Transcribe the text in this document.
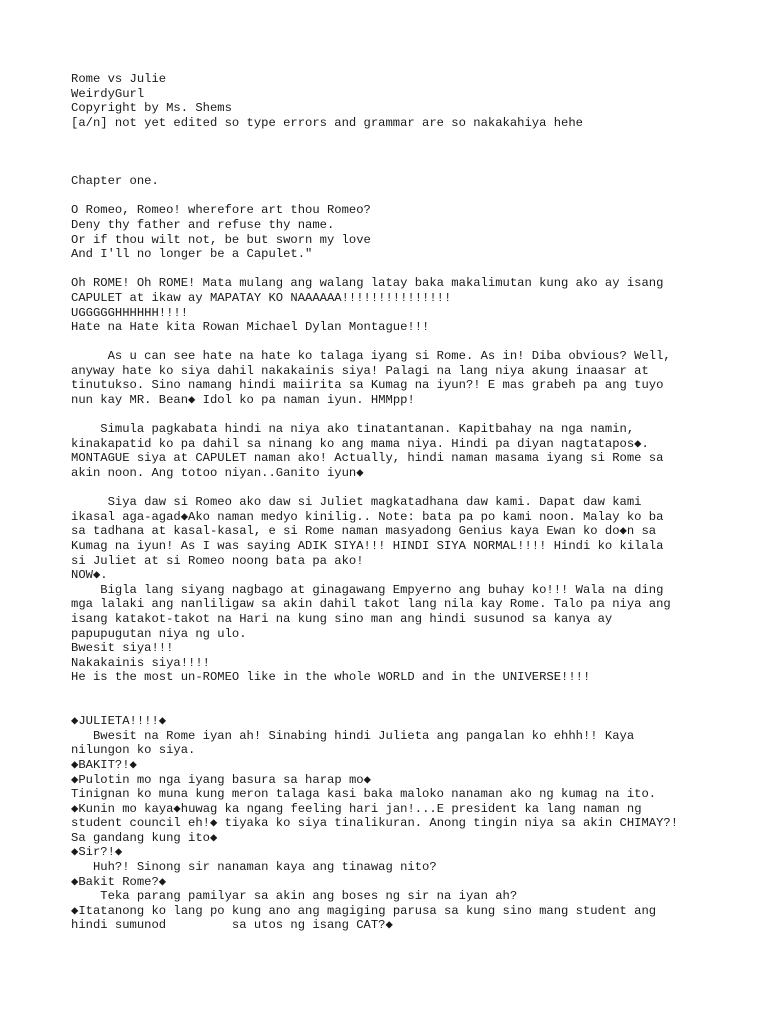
Rome vs Julie
WeirdyGurl
Copyright by Ms. Shems
[a/n] not yet edited so type errors and grammar are so nakakahiya hehe
Chapter one.
O Romeo, Romeo! wherefore art thou Romeo?
Deny thy father and refuse thy name.
Or if thou wilt not, be but sworn my love
And I'll no longer be a Capulet."
Oh ROME! Oh ROME! Mata mulang ang walang latay baka makalimutan kung ako ay isang
CAPULET at ikaw ay MAPATAY KO NAAAAAA!!!!!!!!!!!!!!!
UGGGGGHHHHHH!!!!
Hate na Hate kita Rowan Michael Dylan Montague!!!
As u can see hate na hate ko talaga iyang si Rome. As in! Diba obvious? Well,
anyway hate ko siya dahil nakakainis siya! Palagi na lang niya akung inaasar at
tinutukso. Sino namang hindi maiirita sa Kumag na iyun?! E mas grabeh pa ang tuyo
nun kay MR. Bean◆ Idol ko pa naman iyun. HMMpp!
Simula pagkabata hindi na niya ako tinatantanan. Kapitbahay na nga namin,
kinakapatid ko pa dahil sa ninang ko ang mama niya. Hindi pa diyan nagtatapos◆.
MONTAGUE siya at CAPULET naman ako! Actually, hindi naman masama iyang si Rome sa
akin noon. Ang totoo niyan..Ganito iyun◆
Siya daw si Romeo ako daw si Juliet magkatadhana daw kami. Dapat daw kami
ikasal aga-agad◆Ako naman medyo kinilig.. Note: bata pa po kami noon. Malay ko ba
sa tadhana at kasal-kasal, e si Rome naman masyadong Genius kaya Ewan ko do◆n sa
Kumag na iyun! As I was saying ADIK SIYA!!! HINDI SIYA NORMAL!!!! Hindi ko kilala
si Juliet at si Romeo noong bata pa ako!
NOW◆.
Bigla lang siyang nagbago at ginagawang Empyerno ang buhay ko!!! Wala na ding
mga lalaki ang nanliligaw sa akin dahil takot lang nila kay Rome. Talo pa niya ang
isang katakot-takot na Hari na kung sino man ang hindi susunod sa kanya ay
papupugutan niya ng ulo.
Bwesit siya!!!
Nakakainis siya!!!!
He is the most un-ROMEO like in the whole WORLD and in the UNIVERSE!!!!
◆JULIETA!!!!◆
Bwesit na Rome iyan ah! Sinabing hindi Julieta ang pangalan ko ehhh!! Kaya
nilungon ko siya.
◆BAKIT?!◆
◆Pulotin mo nga iyang basura sa harap mo◆
Tinignan ko muna kung meron talaga kasi baka maloko nanaman ako ng kumag na ito.
◆Kunin mo kaya◆huwag ka ngang feeling hari jan!...E president ka lang naman ng
student council eh!◆ tiyaka ko siya tinalikuran. Anong tingin niya sa akin CHIMAY?!
Sa gandang kung ito◆
◆Sir?!◆
Huh?! Sinong sir nanaman kaya ang tinawag nito?
◆Bakit Rome?◆
Teka parang pamilyar sa akin ang boses ng sir na iyan ah?
◆Itatanong ko lang po kung ano ang magiging parusa sa kung sino mang student ang
hindi sumunod         sa utos ng isang CAT?◆
